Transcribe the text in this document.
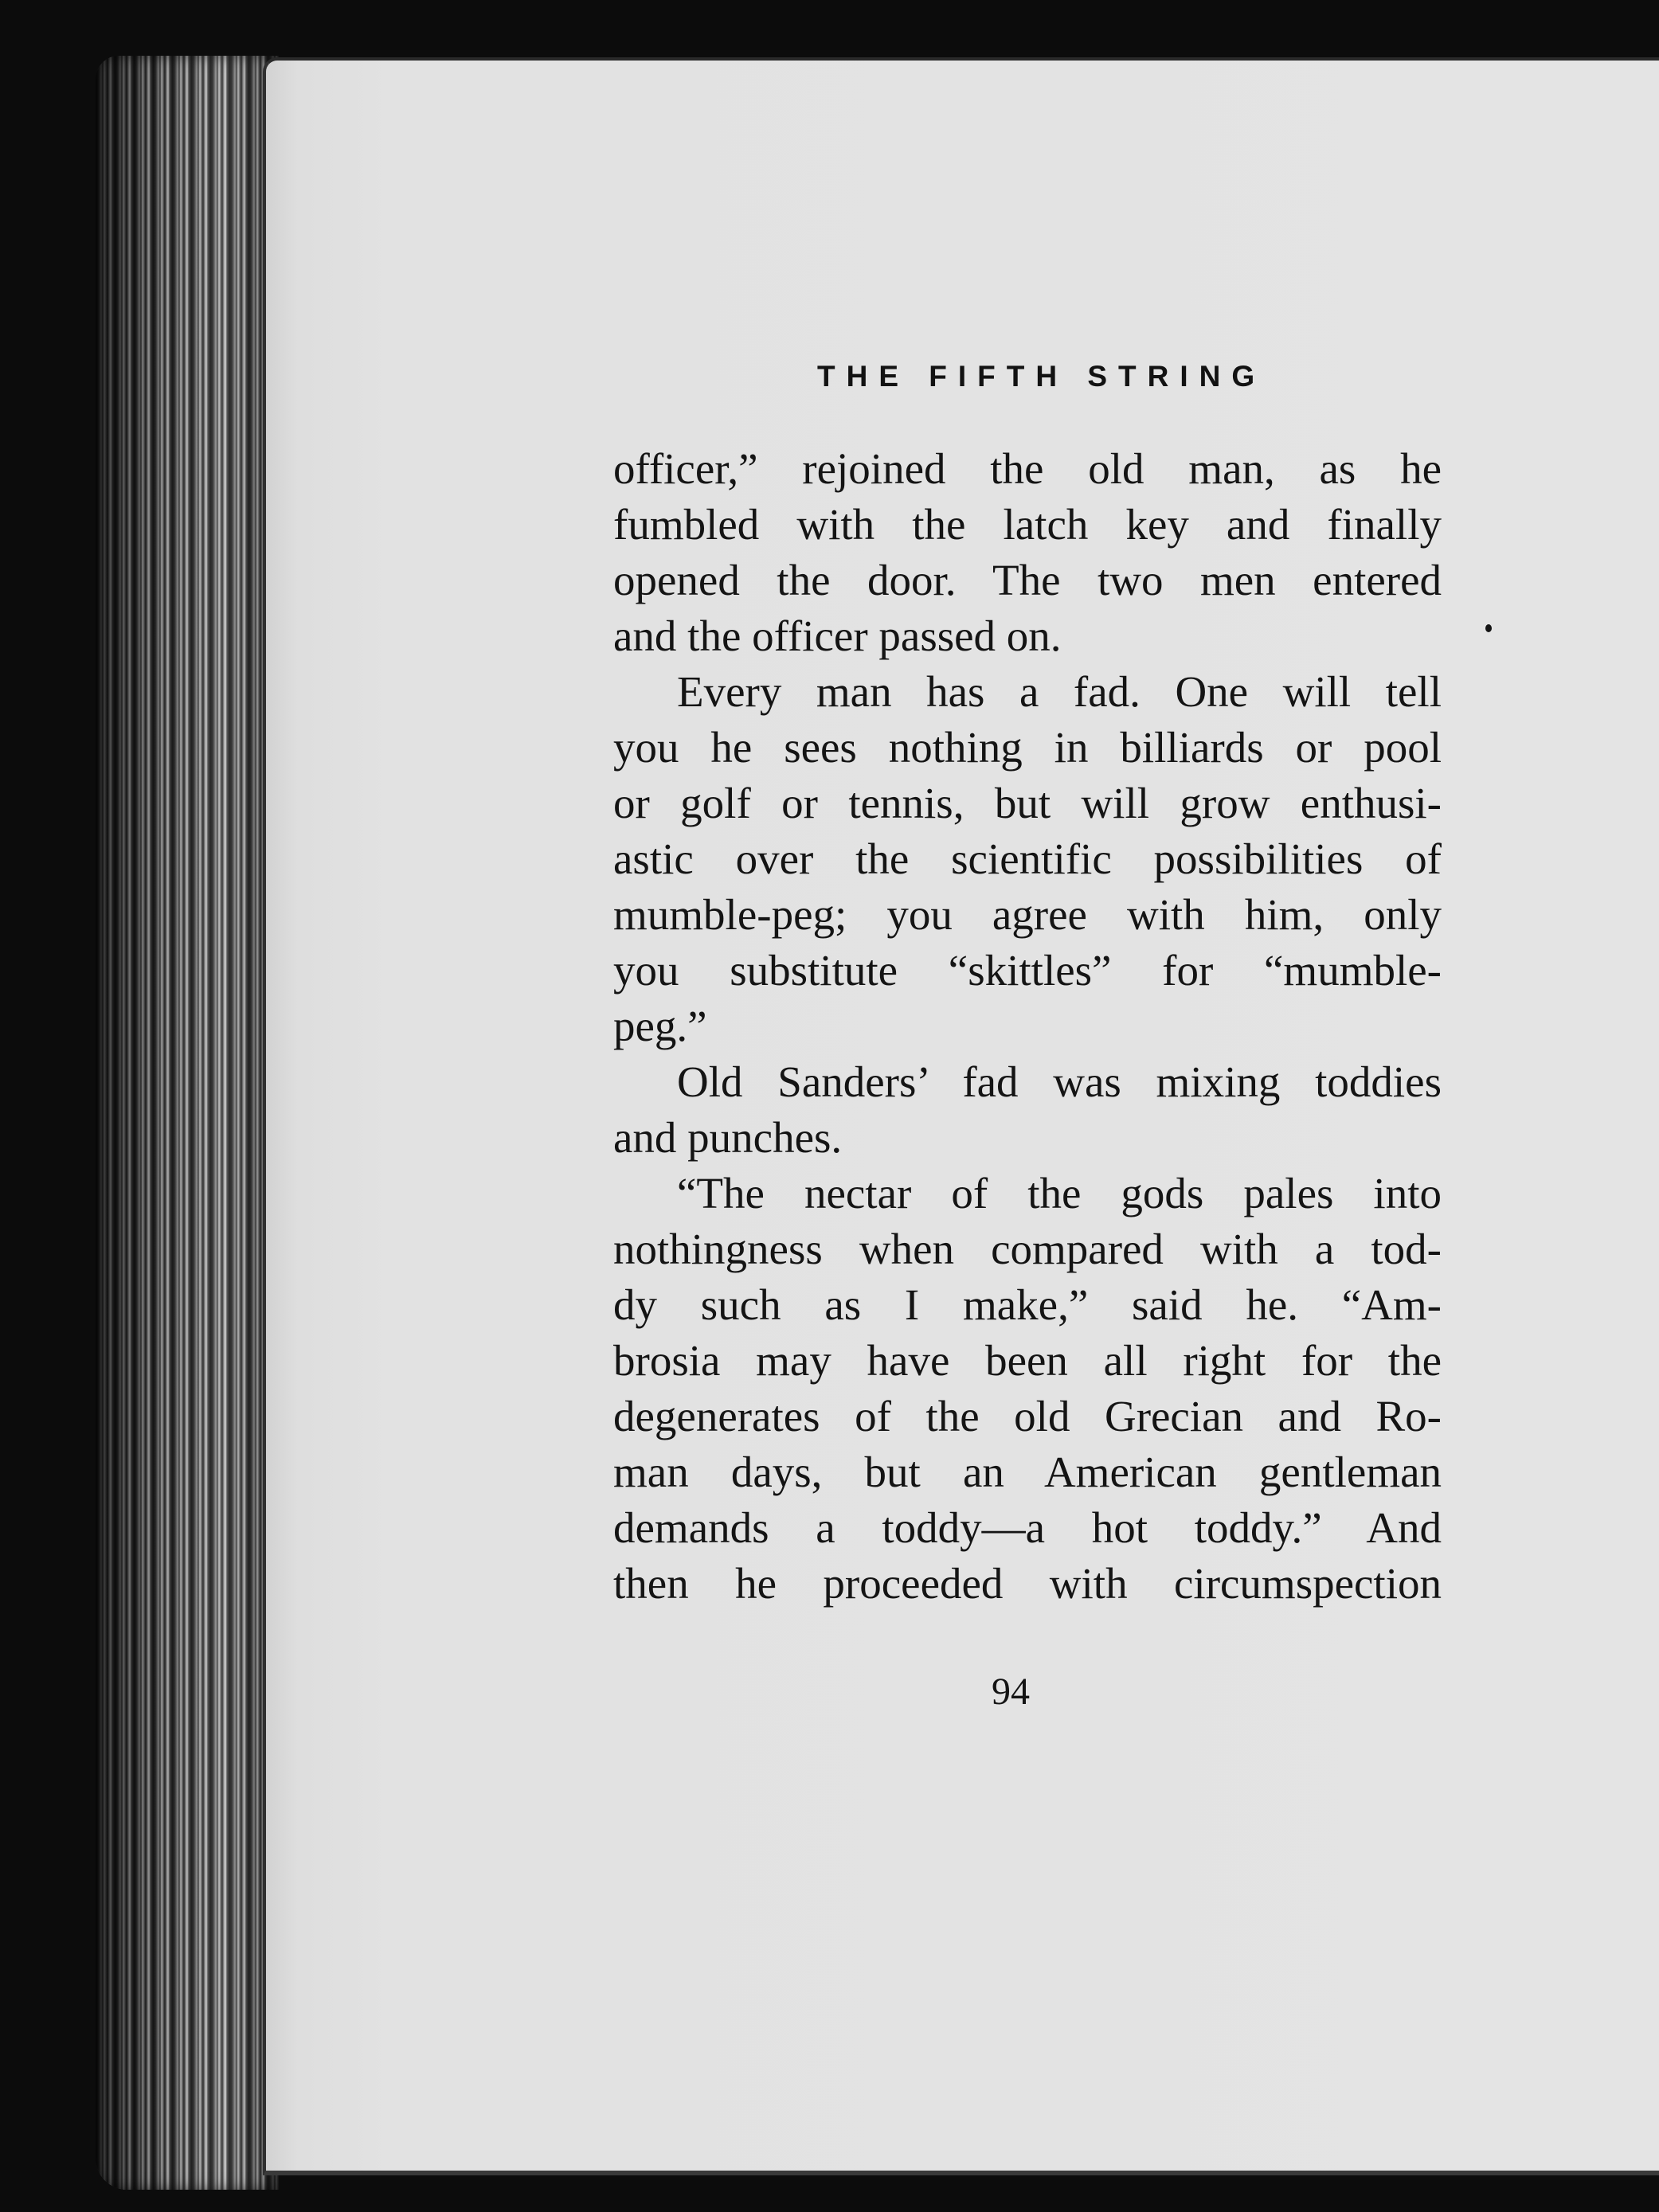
THE FIFTH STRING
officer,” rejoined the old man, as he
fumbled with the latch key and finally
opened the door. The two men entered
and the officer passed on.
Every man has a fad. One will tell
you he sees nothing in billiards or pool
or golf or tennis, but will grow enthusi-
astic over the scientific possibilities of
mumble-peg; you agree with him, only
you substitute “skittles” for “mumble-
peg.”
Old Sanders’ fad was mixing toddies
and punches.
“The nectar of the gods pales into
nothingness when compared with a tod-
dy such as I make,” said he. “Am-
brosia may have been all right for the
degenerates of the old Grecian and Ro-
man days, but an American gentleman
demands a toddy—a hot toddy.” And
then he proceeded with circumspection
94
